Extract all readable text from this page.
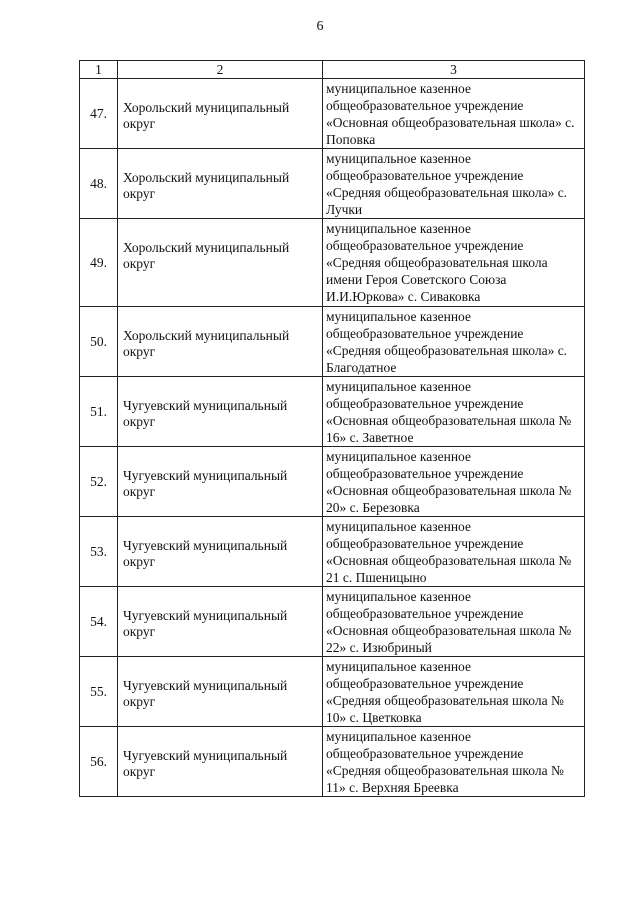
6
1	2	3
47.	Хорольский муниципальный округ	муниципальное казенное общеобразовательное учреждение «Основная общеобразовательная школа» с. Поповка
48.	Хорольский муниципальный округ	муниципальное казенное общеобразовательное учреждение «Средняя общеобразовательная школа» с. Лучки
49.	Хорольский муниципальный округ	муниципальное казенное общеобразовательное учреждение «Средняя общеобразовательная школа имени Героя Советского Союза И.И.Юркова» с. Сиваковка
50.	Хорольский муниципальный округ	муниципальное казенное общеобразовательное учреждение «Средняя общеобразовательная школа» с. Благодатное
51.	Чугуевский муниципальный округ	муниципальное казенное общеобразовательное учреждение «Основная общеобразовательная школа № 16» с. Заветное
52.	Чугуевский муниципальный округ	муниципальное казенное общеобразовательное учреждение «Основная общеобразовательная школа № 20» с. Березовка
53.	Чугуевский муниципальный округ	муниципальное казенное общеобразовательное учреждение «Основная общеобразовательная школа № 21 с. Пшеницыно
54.	Чугуевский муниципальный округ	муниципальное казенное общеобразовательное учреждение «Основная общеобразовательная школа № 22» с. Изюбриный
55.	Чугуевский муниципальный округ	муниципальное казенное общеобразовательное учреждение «Средняя общеобразовательная школа № 10» с. Цветковка
56.	Чугуевский муниципальный округ	муниципальное казенное общеобразовательное учреждение «Средняя общеобразовательная школа № 11» с. Верхняя Бреевка
